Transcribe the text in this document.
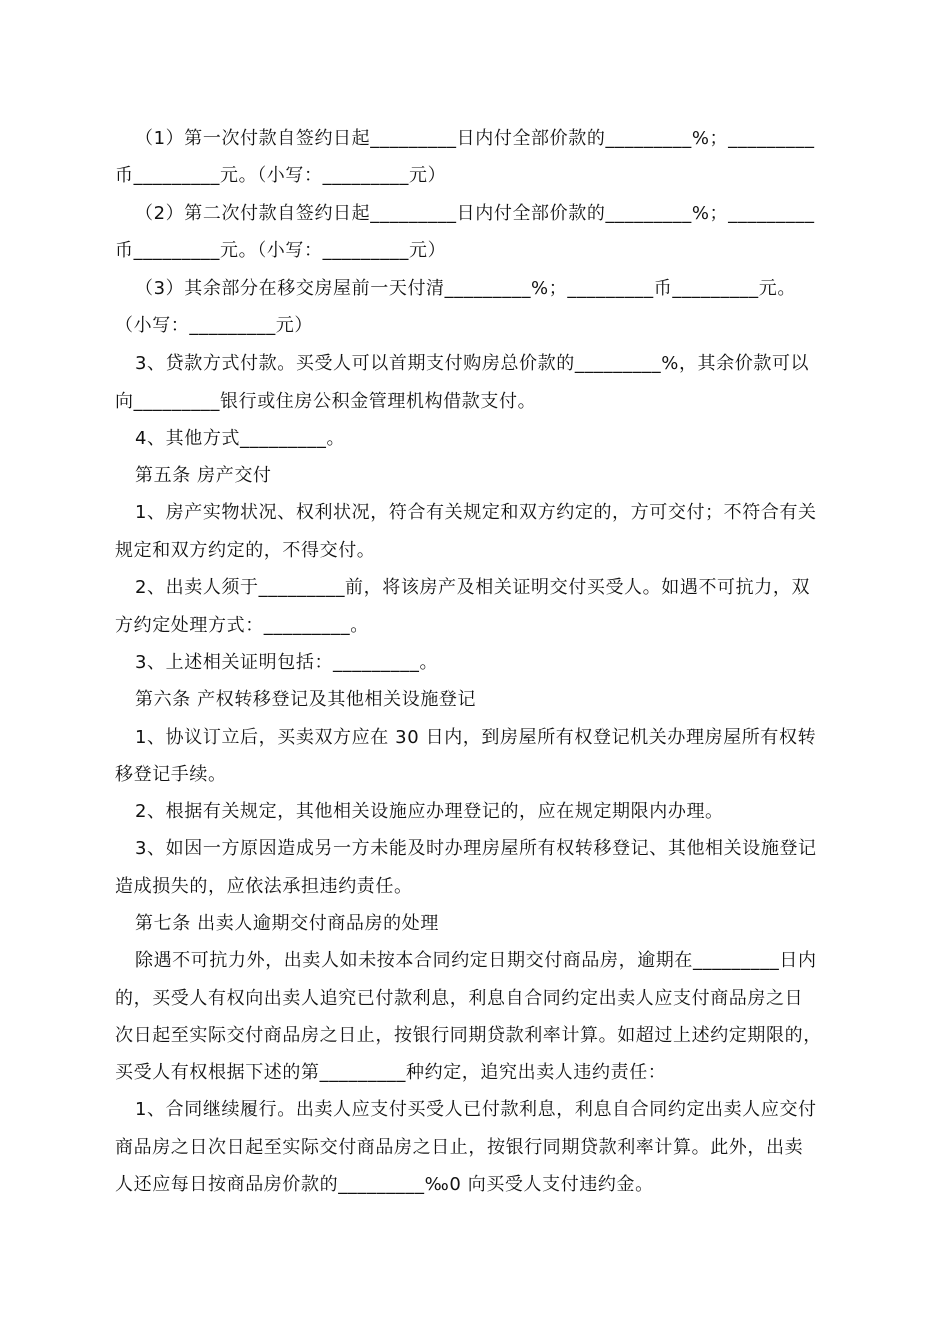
（1）第一次付款自签约日起_________日内付全部价款的_________%；_________
币_________元。（小写：_________元）
（2）第二次付款自签约日起_________日内付全部价款的_________%；_________
币_________元。（小写：_________元）
（3）其余部分在移交房屋前一天付清_________%；_________币_________元。
（小写：_________元）
3、贷款方式付款。买受人可以首期支付购房总价款的_________%，其余价款可以
向_________银行或住房公积金管理机构借款支付。
4、其他方式_________。
第五条 房产交付
1、房产实物状况、权利状况，符合有关规定和双方约定的，方可交付；不符合有关
规定和双方约定的，不得交付。
2、出卖人须于_________前，将该房产及相关证明交付买受人。如遇不可抗力，双
方约定处理方式：_________。
3、上述相关证明包括：_________。
第六条 产权转移登记及其他相关设施登记
1、协议订立后，买卖双方应在 30 日内，到房屋所有权登记机关办理房屋所有权转
移登记手续。
2、根据有关规定，其他相关设施应办理登记的，应在规定期限内办理。
3、如因一方原因造成另一方未能及时办理房屋所有权转移登记、其他相关设施登记
造成损失的，应依法承担违约责任。
第七条 出卖人逾期交付商品房的处理
除遇不可抗力外，出卖人如未按本合同约定日期交付商品房，逾期在_________日内
的，买受人有权向出卖人追究已付款利息，利息自合同约定出卖人应支付商品房之日
次日起至实际交付商品房之日止，按银行同期贷款利率计算。如超过上述约定期限的，
买受人有权根据下述的第_________种约定，追究出卖人违约责任：
1、合同继续履行。出卖人应支付买受人已付款利息，利息自合同约定出卖人应交付
商品房之日次日起至实际交付商品房之日止，按银行同期贷款利率计算。此外，出卖
人还应每日按商品房价款的_________‰0 向买受人支付违约金。
